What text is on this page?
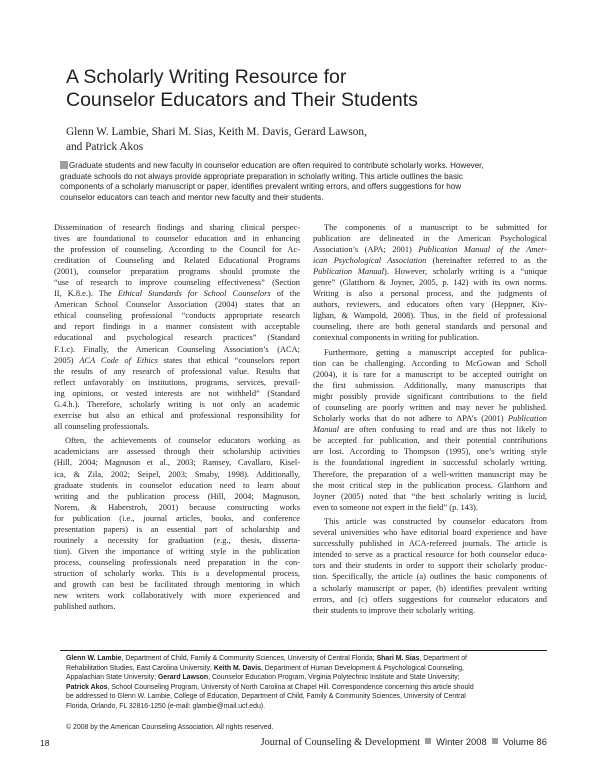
A Scholarly Writing Resource for
Counselor Educators and Their Students
Glenn W. Lambie, Shari M. Sias, Keith M. Davis, Gerard Lawson,
and Patrick Akos
Graduate students and new faculty in counselor education are often required to contribute scholarly works. However,
graduate schools do not always provide appropriate preparation in scholarly writing. This article outlines the basic
components of a scholarly manuscript or paper, identifies prevalent writing errors, and offers suggestions for how
counselor educators can teach and mentor new faculty and their students.

Dissemination of research findings and sharing clinical perspec-
tives are foundational to counselor education and in enhancing
the profession of counseling. According to the Council for Ac-
creditation of Counseling and Related Educational Programs
(2001), counselor preparation programs should promote the
“use of research to improve counseling effectiveness” (Section
II, K.8.e.). The Ethical Standards for School Counselors of the
American School Counselor Association (2004) states that an
ethical counseling professional “conducts appropriate research
and report findings in a manner consistent with acceptable
educational and psychological research practices” (Standard
F.1.c). Finally, the American Counseling Association’s (ACA;
2005) ACA Code of Ethics states that ethical “counselors report
the results of any research of professional value. Results that
reflect unfavorably on institutions, programs, services, prevail-
ing opinions, or vested interests are not withheld” (Standard
G.4.h.). Therefore, scholarly writing is not only an academic
exercise but also an ethical and professional responsibility for
all counseling professionals.

Often, the achievements of counselor educators working as
academicians are assessed through their scholarship activities
(Hill, 2004; Magnuson et al., 2003; Ramsey, Cavallaro, Kisel-
ica, & Zila, 2002; Seipel, 2003; Smaby, 1998). Additionally,
graduate students in counselor education need to learn about
writing and the publication process (Hill, 2004; Magnuson,
Norem, & Haberstroh, 2001) because constructing works
for publication (i.e., journal articles, books, and conference
presentation papers) is an essential part of scholarship and
routinely a necessity for graduation (e.g., thesis, disserta-
tion). Given the importance of writing style in the publication
process, counseling professionals need preparation in the con-
struction of scholarly works. This is a developmental process,
and growth can best be facilitated through mentoring in which
new writers work collaboratively with more experienced and
published authors.

The components of a manuscript to be submitted for
publication are delineated in the American Psychological
Association’s (APA; 2001) Publication Manual of the Amer-
ican Psychological Association (hereinafter referred to as the
Publication Manual). However, scholarly writing is a “unique
genre” (Glatthorn & Joyner, 2005, p. 142) with its own norms.
Writing is also a personal process, and the judgments of
authors, reviewers, and educators often vary (Heppner, Kiv-
lighan, & Wampold, 2008). Thus, in the field of professional
counseling, there are both general standards and personal and
contextual components in writing for publication.

Furthermore, getting a manuscript accepted for publica-
tion can be challenging. According to McGowan and Scholl
(2004), it is rare for a manuscript to be accepted outright on
the first submission. Additionally, many manuscripts that
might possibly provide significant contributions to the field
of counseling are poorly written and may never be published.
Scholarly works that do not adhere to APA’s (2001) Publication
Manual are often confusing to read and are thus not likely to
be accepted for publication, and their potential contributions
are lost. According to Thompson (1995), one’s writing style
is the foundational ingredient in successful scholarly writing.
Therefore, the preparation of a well-written manuscript may be
the most critical step in the publication process. Glatthorn and
Joyner (2005) noted that “the best scholarly writing is lucid,
even to someone not expert in the field” (p. 143).

This article was constructed by counselor educators from
several universities who have editorial board experience and have
successfully published in ACA-refereed journals. The article is
intended to serve as a practical resource for both counselor educa-
tors and their students in order to support their scholarly produc-
tion. Specifically, the article (a) outlines the basic components of
a scholarly manuscript or paper, (b) identifies prevalent writing
errors, and (c) offers suggestions for counselor educators and
their students to improve their scholarly writing.

Glenn W. Lambie, Department of Child, Family & Community Sciences, University of Central Florida; Shari M. Sias, Department of
Rehabilitation Studies, East Carolina University; Keith M. Davis, Department of Human Development & Psychological Counseling,
Appalachian State University; Gerard Lawson, Counselor Education Program, Virginia Polytechnic Institute and State University;
Patrick Akos, School Counseling Program, University of North Carolina at Chapel Hill. Correspondence concerning this article should
be addressed to Glenn W. Lambie, College of Education, Department of Child, Family & Community Sciences, University of Central
Florida, Orlando, FL 32816-1250 (e-mail: glambie@mail.ucf.edu).
© 2008 by the American Counseling Association. All rights reserved.
18	Journal of Counseling & Development Winter 2008 Volume 86
